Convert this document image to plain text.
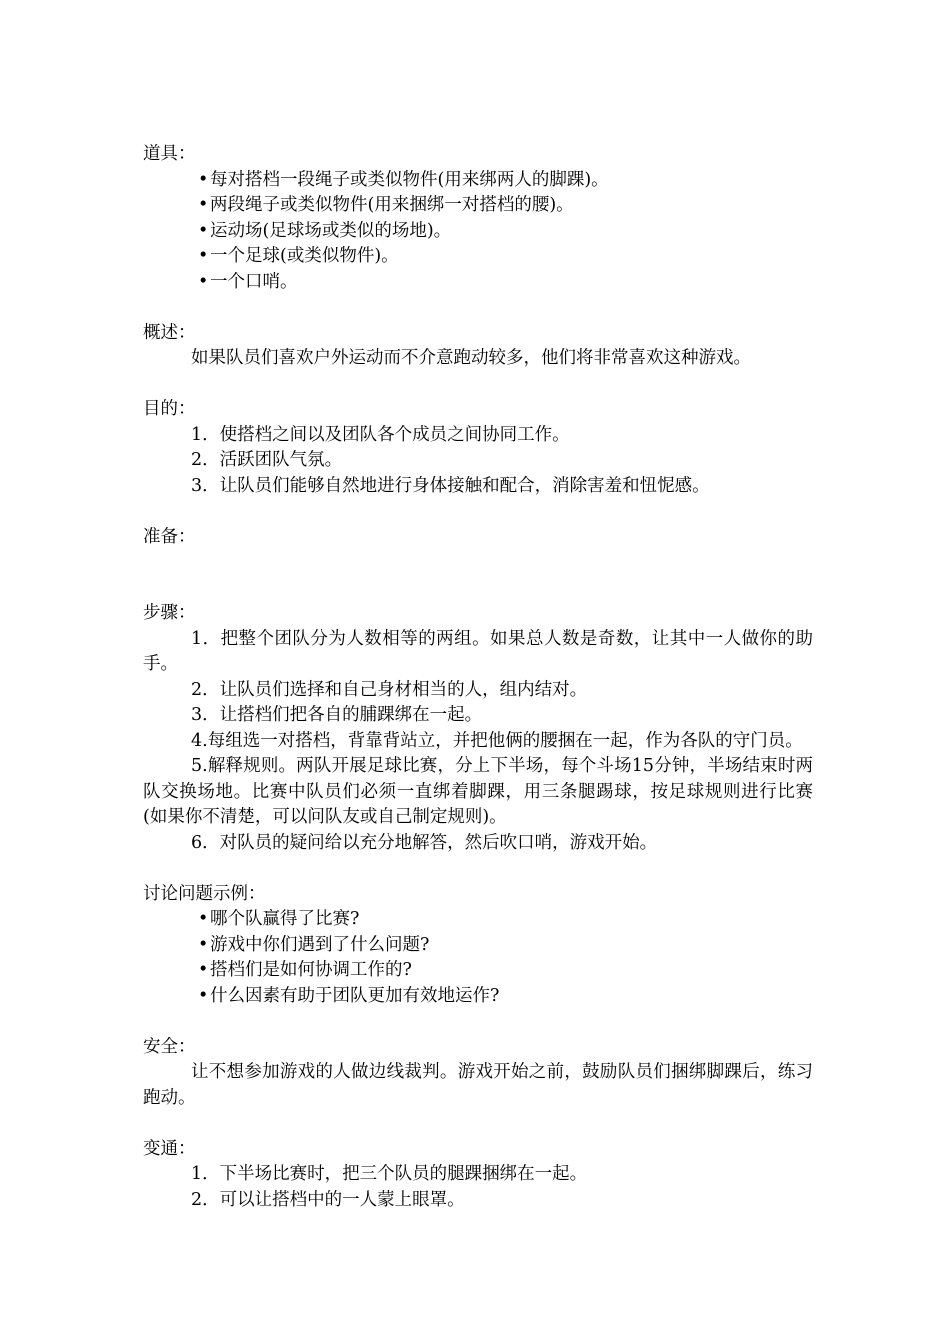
道具：

•每对搭档一段绳子或类似物件(用来绑两人的脚踝)。

•两段绳子或类似物件(用来捆绑一对搭档的腰)。

•运动场(足球场或类似的场地)。

•一个足球(或类似物件)。

•一个口哨。

概述：

如果队员们喜欢户外运动而不介意跑动较多，他们将非常喜欢这种游戏。

目的：

1．使搭档之间以及团队各个成员之间协同工作。

2．活跃团队气氛。

3．让队员们能够自然地进行身体接触和配合，消除害羞和忸怩感。

准备：

步骤：

1．把整个团队分为人数相等的两组。如果总人数是奇数，让其中一人做你的助手。

2．让队员们选择和自己身材相当的人，组内结对。

3．让搭档们把各自的脯踝绑在一起。

4.每组选一对搭档，背靠背站立，并把他俩的腰捆在一起，作为各队的守门员。

5.解释规则。两队开展足球比赛，分上下半场，每个斗场15分钟，半场结束时两队交换场地。比赛中队员们必须一直绑着脚踝，用三条腿踢球，按足球规则进行比赛(如果你不清楚，可以问队友或自己制定规则)。

6．对队员的疑问给以充分地解答，然后吹口哨，游戏开始。

讨论问题示例：

•哪个队赢得了比赛?

•游戏中你们遇到了什么问题?

•搭档们是如何协调工作的?

•什么因素有助于团队更加有效地运作?

安全：

让不想参加游戏的人做边线裁判。游戏开始之前，鼓励队员们捆绑脚踝后，练习跑动。

变通：

1．下半场比赛时，把三个队员的腿踝捆绑在一起。

2．可以让搭档中的一人蒙上眼罩。
